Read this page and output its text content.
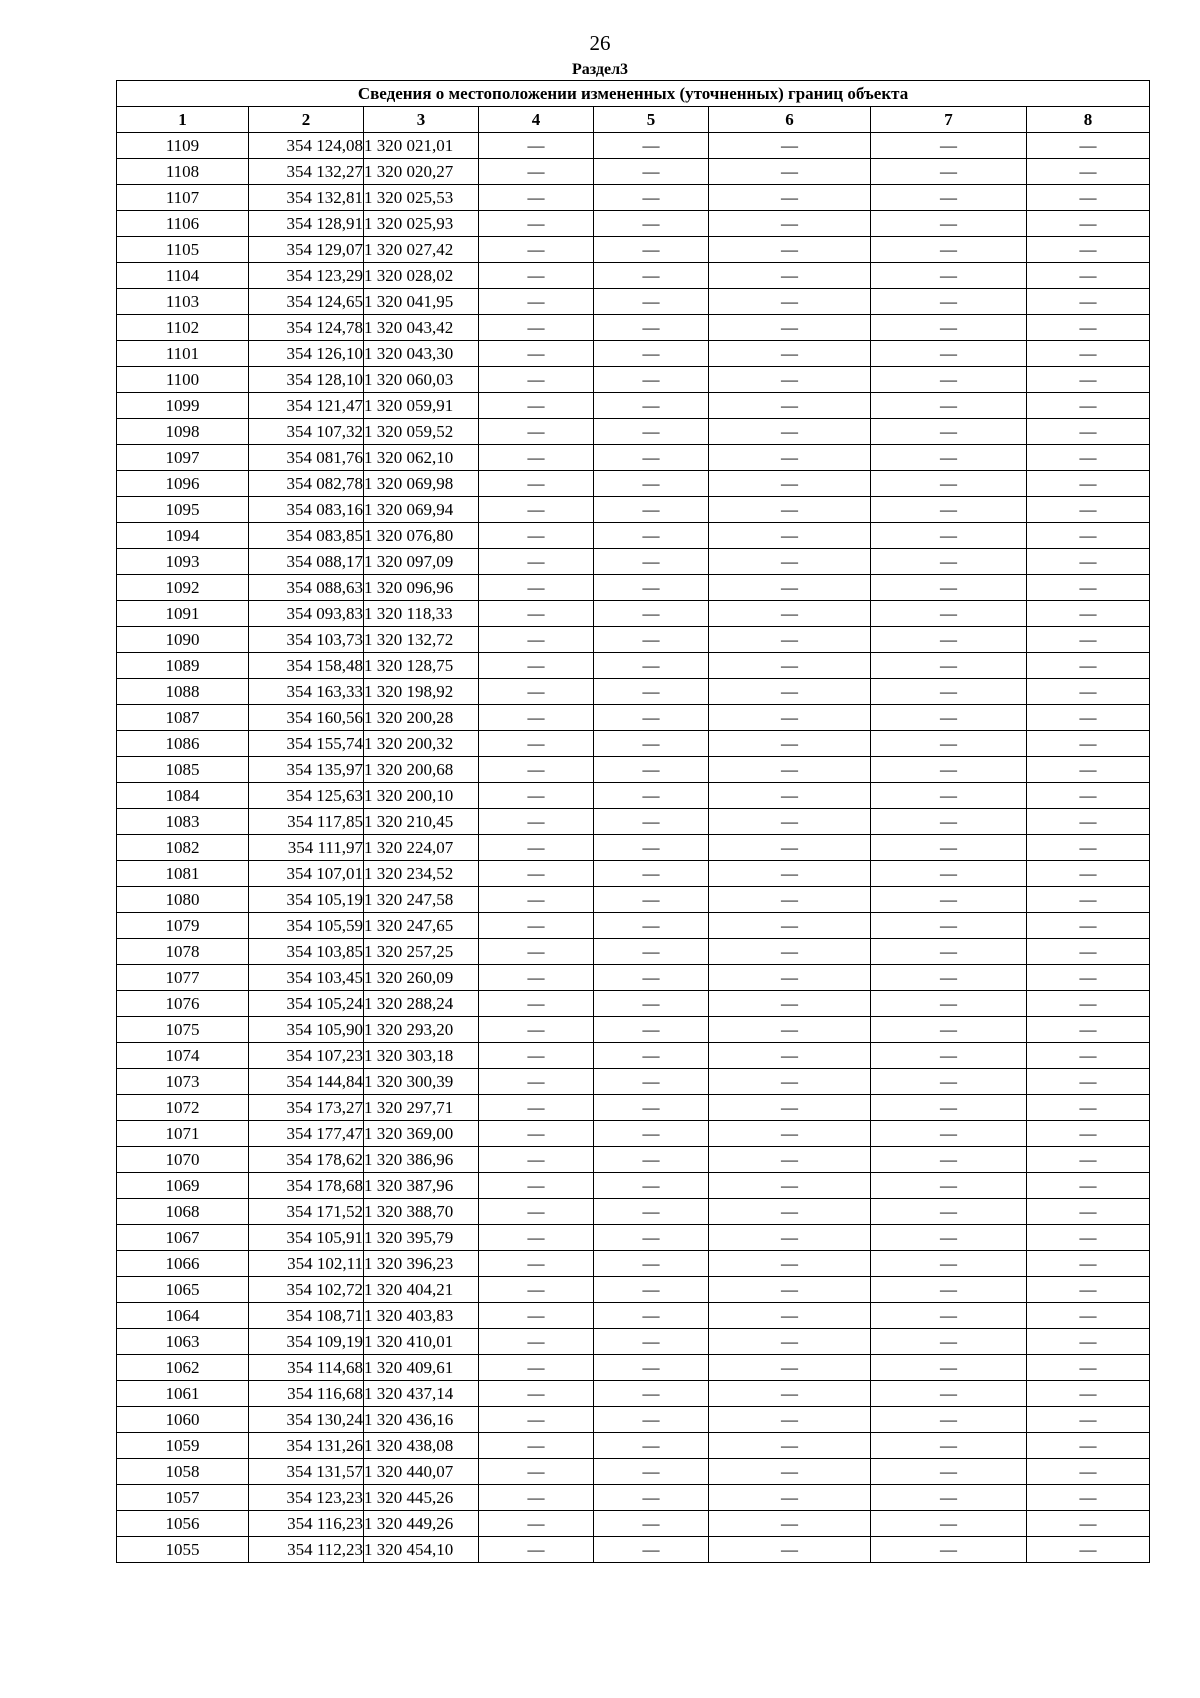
26
Раздел3
Сведения о местоположении измененных (уточненных) границ объекта							
1	2	3	4	5	6	7	8
1109	354 124,08	1 320 021,01	—	—	—	—	—
1108	354 132,27	1 320 020,27	—	—	—	—	—
1107	354 132,81	1 320 025,53	—	—	—	—	—
1106	354 128,91	1 320 025,93	—	—	—	—	—
1105	354 129,07	1 320 027,42	—	—	—	—	—
1104	354 123,29	1 320 028,02	—	—	—	—	—
1103	354 124,65	1 320 041,95	—	—	—	—	—
1102	354 124,78	1 320 043,42	—	—	—	—	—
1101	354 126,10	1 320 043,30	—	—	—	—	—
1100	354 128,10	1 320 060,03	—	—	—	—	—
1099	354 121,47	1 320 059,91	—	—	—	—	—
1098	354 107,32	1 320 059,52	—	—	—	—	—
1097	354 081,76	1 320 062,10	—	—	—	—	—
1096	354 082,78	1 320 069,98	—	—	—	—	—
1095	354 083,16	1 320 069,94	—	—	—	—	—
1094	354 083,85	1 320 076,80	—	—	—	—	—
1093	354 088,17	1 320 097,09	—	—	—	—	—
1092	354 088,63	1 320 096,96	—	—	—	—	—
1091	354 093,83	1 320 118,33	—	—	—	—	—
1090	354 103,73	1 320 132,72	—	—	—	—	—
1089	354 158,48	1 320 128,75	—	—	—	—	—
1088	354 163,33	1 320 198,92	—	—	—	—	—
1087	354 160,56	1 320 200,28	—	—	—	—	—
1086	354 155,74	1 320 200,32	—	—	—	—	—
1085	354 135,97	1 320 200,68	—	—	—	—	—
1084	354 125,63	1 320 200,10	—	—	—	—	—
1083	354 117,85	1 320 210,45	—	—	—	—	—
1082	354 111,97	1 320 224,07	—	—	—	—	—
1081	354 107,01	1 320 234,52	—	—	—	—	—
1080	354 105,19	1 320 247,58	—	—	—	—	—
1079	354 105,59	1 320 247,65	—	—	—	—	—
1078	354 103,85	1 320 257,25	—	—	—	—	—
1077	354 103,45	1 320 260,09	—	—	—	—	—
1076	354 105,24	1 320 288,24	—	—	—	—	—
1075	354 105,90	1 320 293,20	—	—	—	—	—
1074	354 107,23	1 320 303,18	—	—	—	—	—
1073	354 144,84	1 320 300,39	—	—	—	—	—
1072	354 173,27	1 320 297,71	—	—	—	—	—
1071	354 177,47	1 320 369,00	—	—	—	—	—
1070	354 178,62	1 320 386,96	—	—	—	—	—
1069	354 178,68	1 320 387,96	—	—	—	—	—
1068	354 171,52	1 320 388,70	—	—	—	—	—
1067	354 105,91	1 320 395,79	—	—	—	—	—
1066	354 102,11	1 320 396,23	—	—	—	—	—
1065	354 102,72	1 320 404,21	—	—	—	—	—
1064	354 108,71	1 320 403,83	—	—	—	—	—
1063	354 109,19	1 320 410,01	—	—	—	—	—
1062	354 114,68	1 320 409,61	—	—	—	—	—
1061	354 116,68	1 320 437,14	—	—	—	—	—
1060	354 130,24	1 320 436,16	—	—	—	—	—
1059	354 131,26	1 320 438,08	—	—	—	—	—
1058	354 131,57	1 320 440,07	—	—	—	—	—
1057	354 123,23	1 320 445,26	—	—	—	—	—
1056	354 116,23	1 320 449,26	—	—	—	—	—
1055	354 112,23	1 320 454,10	—	—	—	—	—
